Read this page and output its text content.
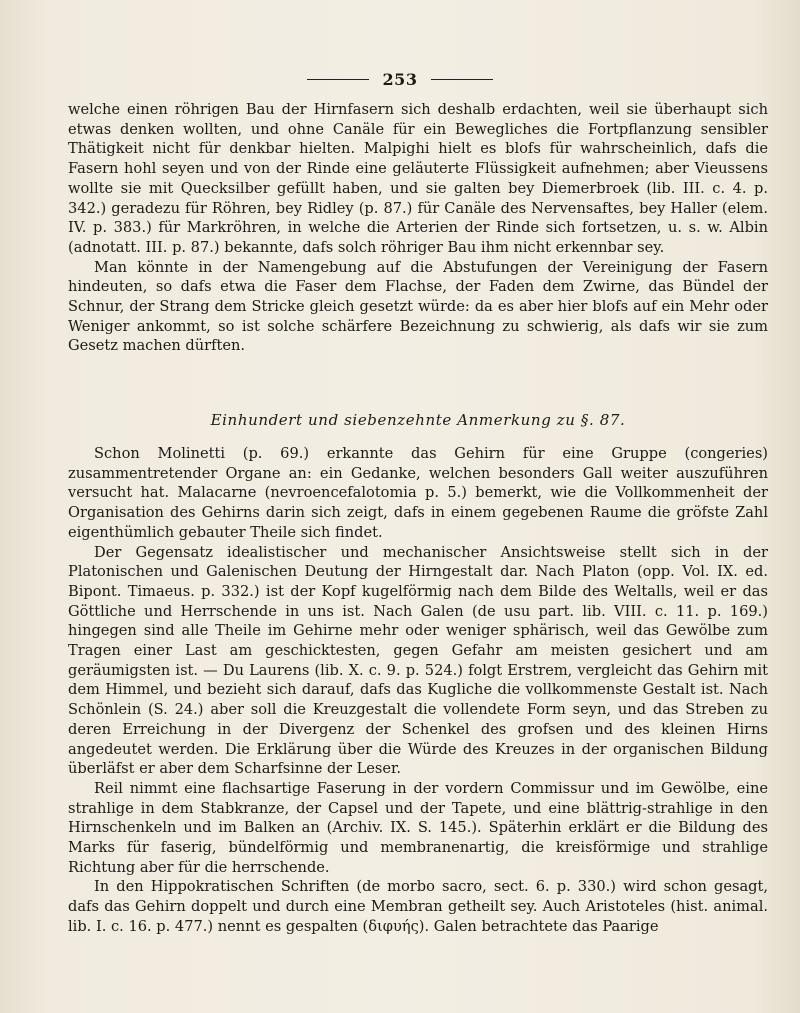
253

welche einen röhrigen Bau der Hirnfasern sich deshalb erdachten, weil sie überhaupt sich etwas denken wollten, und ohne Canäle für ein Bewegliches die Fortpflanzung sensibler Thätigkeit nicht für denkbar hielten. Malpighi hielt es blofs für wahrscheinlich, dafs die Fasern hohl seyen und von der Rinde eine geläuterte Flüssigkeit aufnehmen; aber Vieussens wollte sie mit Quecksilber gefüllt haben, und sie galten bey Diemerbroek (lib. III. c. 4. p. 342.) geradezu für Röhren, bey Ridley (p. 87.) für Canäle des Nervensaftes, bey Haller (elem. IV. p. 383.) für Markröhren, in welche die Arterien der Rinde sich fortsetzen, u. s. w. Albin (adnotatt. III. p. 87.) bekannte, dafs solch röhriger Bau ihm nicht erkennbar sey.

Man könnte in der Namengebung auf die Abstufungen der Vereinigung der Fasern hindeuten, so dafs etwa die Faser dem Flachse, der Faden dem Zwirne, das Bündel der Schnur, der Strang dem Stricke gleich gesetzt würde: da es aber hier blofs auf ein Mehr oder Weniger ankommt, so ist solche schärfere Bezeichnung zu schwierig, als dafs wir sie zum Gesetz machen dürften.

Einhundert und siebenzehnte Anmerkung zu §. 87.

Schon Molinetti (p. 69.) erkannte das Gehirn für eine Gruppe (congeries) zusammentretender Organe an: ein Gedanke, welchen besonders Gall weiter auszuführen versucht hat. Malacarne (nevroencefalotomia p. 5.) bemerkt, wie die Vollkommenheit der Organisation des Gehirns darin sich zeigt, dafs in einem gegebenen Raume die gröfste Zahl eigenthümlich gebauter Theile sich findet.

Der Gegensatz idealistischer und mechanischer Ansichtsweise stellt sich in der Platonischen und Galenischen Deutung der Hirngestalt dar. Nach Platon (opp. Vol. IX. ed. Bipont. Timaeus. p. 332.) ist der Kopf kugelförmig nach dem Bilde des Weltalls, weil er das Göttliche und Herrschende in uns ist. Nach Galen (de usu part. lib. VIII. c. 11. p. 169.) hingegen sind alle Theile im Gehirne mehr oder weniger sphärisch, weil das Gewölbe zum Tragen einer Last am geschicktesten, gegen Gefahr am meisten gesichert und am geräumigsten ist. — Du Laurens (lib. X. c. 9. p. 524.) folgt Erstrem, vergleicht das Gehirn mit dem Himmel, und bezieht sich darauf, dafs das Kugliche die vollkommenste Gestalt ist. Nach Schönlein (S. 24.) aber soll die Kreuzgestalt die vollendete Form seyn, und das Streben zu deren Erreichung in der Divergenz der Schenkel des grofsen und des kleinen Hirns angedeutet werden. Die Erklärung über die Würde des Kreuzes in der organischen Bildung überläfst er aber dem Scharfsinne der Leser.

Reil nimmt eine flachsartige Faserung in der vordern Commissur und im Gewölbe, eine strahlige in dem Stabkranze, der Capsel und der Tapete, und eine blättrig-strahlige in den Hirnschenkeln und im Balken an (Archiv. IX. S. 145.). Späterhin erklärt er die Bildung des Marks für faserig, bündelförmig und membranenartig, die kreisförmige und strahlige Richtung aber für die herrschende.

In den Hippokratischen Schriften (de morbo sacro, sect. 6. p. 330.) wird schon gesagt, dafs das Gehirn doppelt und durch eine Membran getheilt sey. Auch Aristoteles (hist. animal. lib. I. c. 16. p. 477.) nennt es gespalten (διφυής). Galen betrachtete das Paarige
